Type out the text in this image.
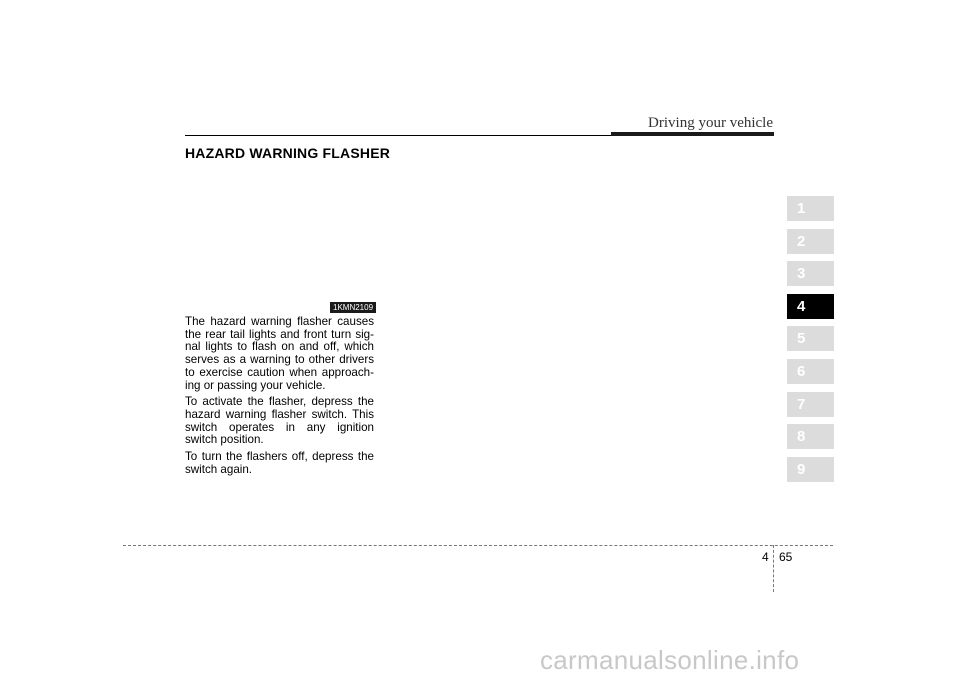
Driving your vehicle
HAZARD WARNING FLASHER
1KMN2109

The hazard warning flasher causes the rear tail lights and front turn sig-nal lights to flash on and off, which serves as a warning to other drivers to exercise caution when approach-ing or passing your vehicle.

To activate the flasher, depress the hazard warning flasher switch. This switch operates in any ignition switch position.

To turn the flashers off, depress the switch again.

1
2
3
4
5
6
7
8
9
4 65
carmanualsonline.info
